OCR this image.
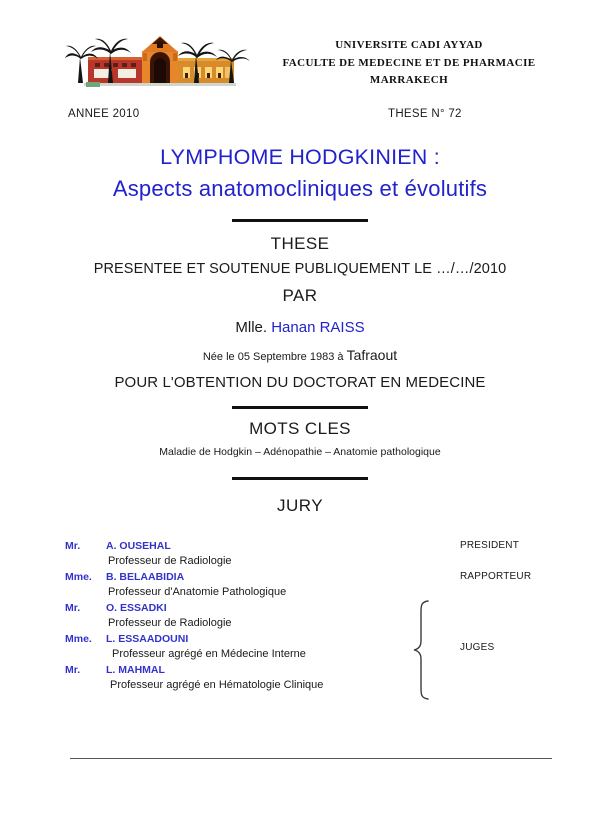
UNIVERSITE CADI AYYAD
FACULTE DE MEDECINE ET DE PHARMACIE
MARRAKECH
ANNEE 2010	THESE N° 72
LYMPHOME HODGKINIEN :
Aspects anatomocliniques et évolutifs
THESE
PRESENTEE ET SOUTENUE PUBLIQUEMENT LE …/…/2010
PAR
Mlle. Hanan RAISS
Née le 05 Septembre 1983 à Tafraout
POUR L'OBTENTION DU DOCTORAT EN MEDECINE
MOTS CLES
Maladie de Hodgkin – Adénopathie – Anatomie pathologique
JURY
Mr. A. OUSEHAL	PRESIDENT
Professeur de Radiologie
Mme. B. BELAABIDIA	RAPPORTEUR
Professeur d'Anatomie Pathologique
Mr. O. ESSADKI
Professeur de Radiologie
Mme. L. ESSAADOUNI
Professeur agrégé en Médecine Interne
Mr. L. MAHMAL
Professeur agrégé en Hématologie Clinique
JUGES
